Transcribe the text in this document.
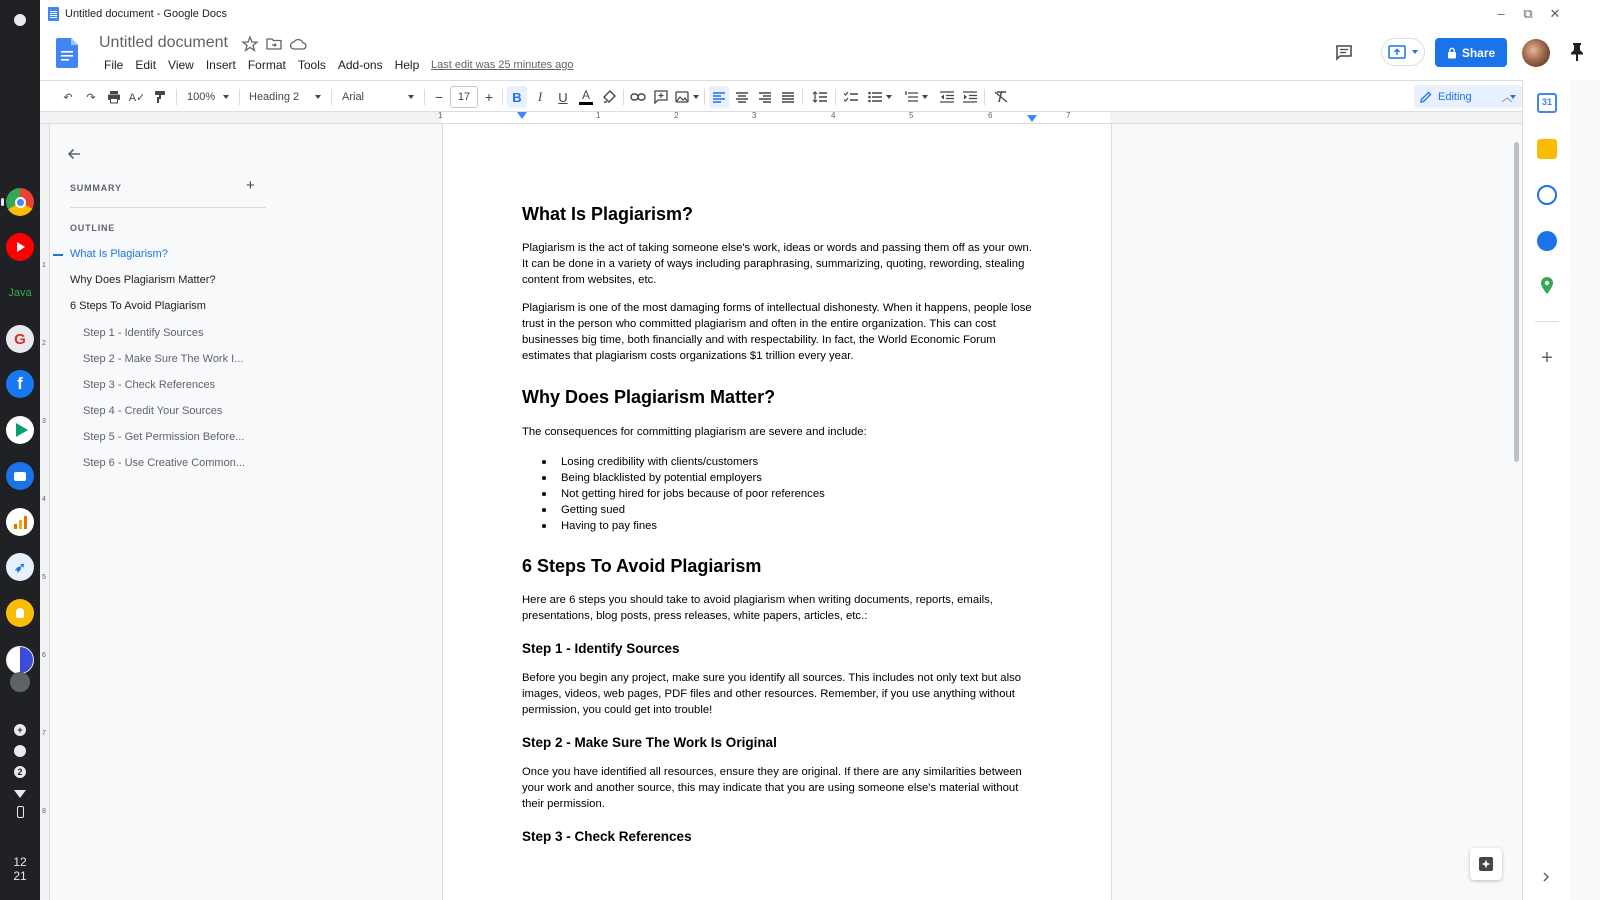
Java
G
f
➶
+
2
12
21
Untitled document - Google Docs	–	⧉	✕
Untitled document
File	Edit	View	Insert	Format	Tools	Add-ons	Help	Last edit was 25 minutes ago
Share
↶	↷	A✓	100%	Heading 2	Arial	−	17	+	B	I	U	A	Editing	︿	31
+
1	1	2	3	4	5	6	7
1
2
3
4
5
6
7
8
SUMMARY	+
OUTLINE
What Is Plagiarism?
Why Does Plagiarism Matter?
6 Steps To Avoid Plagiarism
Step 1 - Identify Sources
Step 2 - Make Sure The Work I...
Step 3 - Check References
Step 4 - Credit Your Sources
Step 5 - Get Permission Before...
Step 6 - Use Creative Common...
What Is Plagiarism?

Plagiarism is the act of taking someone else's work, ideas or words and passing them off as your own. It can be done in a variety of ways including paraphrasing, summarizing, quoting, rewording, stealing content from websites, etc.

Plagiarism is one of the most damaging forms of intellectual dishonesty. When it happens, people lose trust in the person who committed plagiarism and often in the entire organization. This can cost businesses big time, both financially and with respectability. In fact, the World Economic Forum estimates that plagiarism costs organizations $1 trillion every year.

Why Does Plagiarism Matter?

The consequences for committing plagiarism are severe and include:

Losing credibility with clients/customers
Being blacklisted by potential employers
Not getting hired for jobs because of poor references
Getting sued
Having to pay fines
6 Steps To Avoid Plagiarism

Here are 6 steps you should take to avoid plagiarism when writing documents, reports, emails, presentations, blog posts, press releases, white papers, articles, etc.:

Step 1 - Identify Sources

Before you begin any project, make sure you identify all sources. This includes not only text but also images, videos, web pages, PDF files and other resources. Remember, if you use anything without permission, you could get into trouble!

Step 2 - Make Sure The Work Is Original

Once you have identified all resources, ensure they are original. If there are any similarities between your work and another source, this may indicate that you are using someone else's material without their permission.

Step 3 - Check References
